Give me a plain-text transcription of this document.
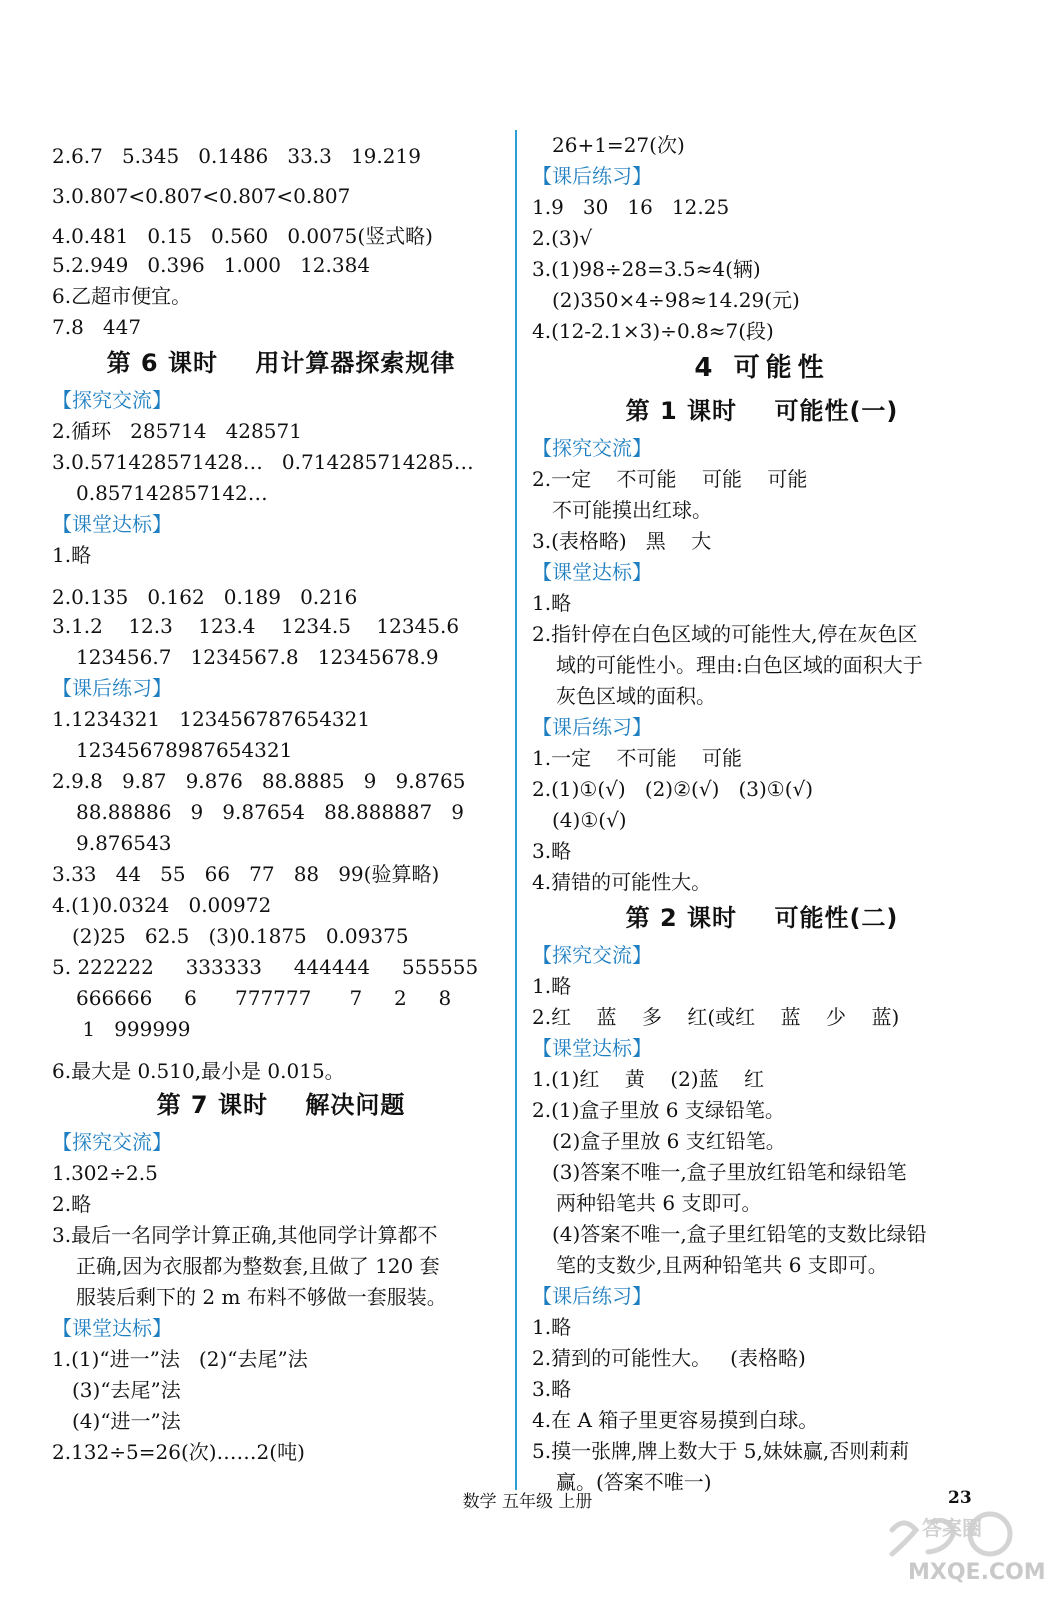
2.6.7   5.345   0.1486   33.3   19.219
3.0.807<0.807<0.807<0.807
4.0.481   0.15   0.560   0.0075(竖式略)
5.2.949   0.396   1.000   12.384
6.乙超市便宜。
7.8   447
第 6 课时    用计算器探索规律
【探究交流】
2.循环   285714   428571
3.0.571428571428…   0.714285714285…
0.857142857142…
【课堂达标】
1.略
2.0.135   0.162   0.189   0.216
3.1.2    12.3    123.4    1234.5    12345.6
123456.7   1234567.8   12345678.9
【课后练习】
1.1234321   123456787654321
12345678987654321
2.9.8   9.87   9.876   88.8885   9   9.8765
88.88886   9   9.87654   88.888887   9
9.876543
3.33   44   55   66   77   88   99(验算略)
4.(1)0.0324   0.00972
(2)25   62.5   (3)0.1875   0.09375
5. 222222     333333     444444     555555
666666     6      777777      7     2     8
1   999999
6.最大是 0.510,最小是 0.015。
第 7 课时    解决问题
【探究交流】
1.302÷2.5
2.略
3.最后一名同学计算正确,其他同学计算都不
正确,因为衣服都为整数套,且做了 120 套
服装后剩下的 2 m 布料不够做一套服装。
【课堂达标】
1.(1)“进一”法   (2)“去尾”法
(3)“去尾”法
(4)“进一”法
2.132÷5=26(次)……2(吨)
26+1=27(次)
【课后练习】
1.9   30   16   12.25
2.(3)√
3.(1)98÷28=3.5≈4(辆)
(2)350×4÷98≈14.29(元)
4.(12-2.1×3)÷0.8≈7(段)
4 可能性
第 1 课时    可能性(一)
【探究交流】
2.一定    不可能    可能    可能
不可能摸出红球。
3.(表格略)   黑    大
【课堂达标】
1.略
2.指针停在白色区域的可能性大,停在灰色区
域的可能性小。理由:白色区域的面积大于
灰色区域的面积。
【课后练习】
1.一定    不可能    可能
2.(1)①(√)   (2)②(√)   (3)①(√)
(4)①(√)
3.略
4.猜错的可能性大。
第 2 课时    可能性(二)
【探究交流】
1.略
2.红    蓝    多    红(或红    蓝    少    蓝)
【课堂达标】
1.(1)红    黄    (2)蓝    红
2.(1)盒子里放 6 支绿铅笔。
(2)盒子里放 6 支红铅笔。
(3)答案不唯一,盒子里放红铅笔和绿铅笔
两种铅笔共 6 支即可。
(4)答案不唯一,盒子里红铅笔的支数比绿铅
笔的支数少,且两种铅笔共 6 支即可。
【课后练习】
1.略
2.猜到的可能性大。   (表格略)
3.略
4.在 A 箱子里更容易摸到白球。
5.摸一张牌,牌上数大于 5,妹妹赢,否则莉莉
赢。(答案不唯一)
数学 五年级 上册	23
答案圈
MXQE.COM
